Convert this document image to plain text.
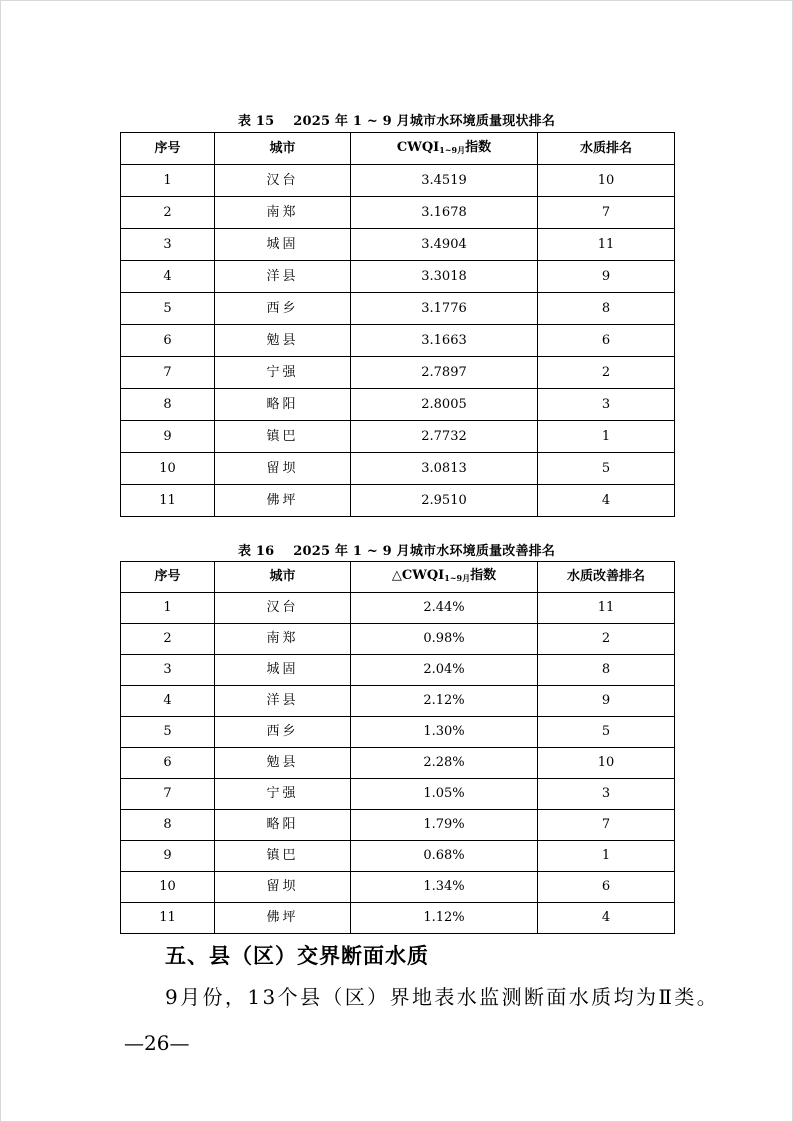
表 15    2025 年 1 ~ 9 月城市水环境质量现状排名
序号	城市	$CWQI_{1\sim 9月}$指数	水质排名
1	汉台	3.4519	10
2	南郑	3.1678	7
3	城固	3.4904	11
4	洋县	3.3018	9
5	西乡	3.1776	8
6	勉县	3.1663	6
7	宁强	2.7897	2
8	略阳	2.8005	3
9	镇巴	2.7732	1
10	留坝	3.0813	5
11	佛坪	2.9510	4
表 16    2025 年 1 ~ 9 月城市水环境质量改善排名
序号	城市	$\triangle CWQI_{1\sim 9月}$指数	水质改善排名
1	汉台	2.44%	11
2	南郑	0.98%	2
3	城固	2.04%	8
4	洋县	2.12%	9
5	西乡	1.30%	5
6	勉县	2.28%	10
7	宁强	1.05%	3
8	略阳	1.79%	7
9	镇巴	0.68%	1
10	留坝	1.34%	6
11	佛坪	1.12%	4
五、县（区）交界断面水质
9月份，13个县（区）界地表水监测断面水质均为Ⅱ类。
—26—
